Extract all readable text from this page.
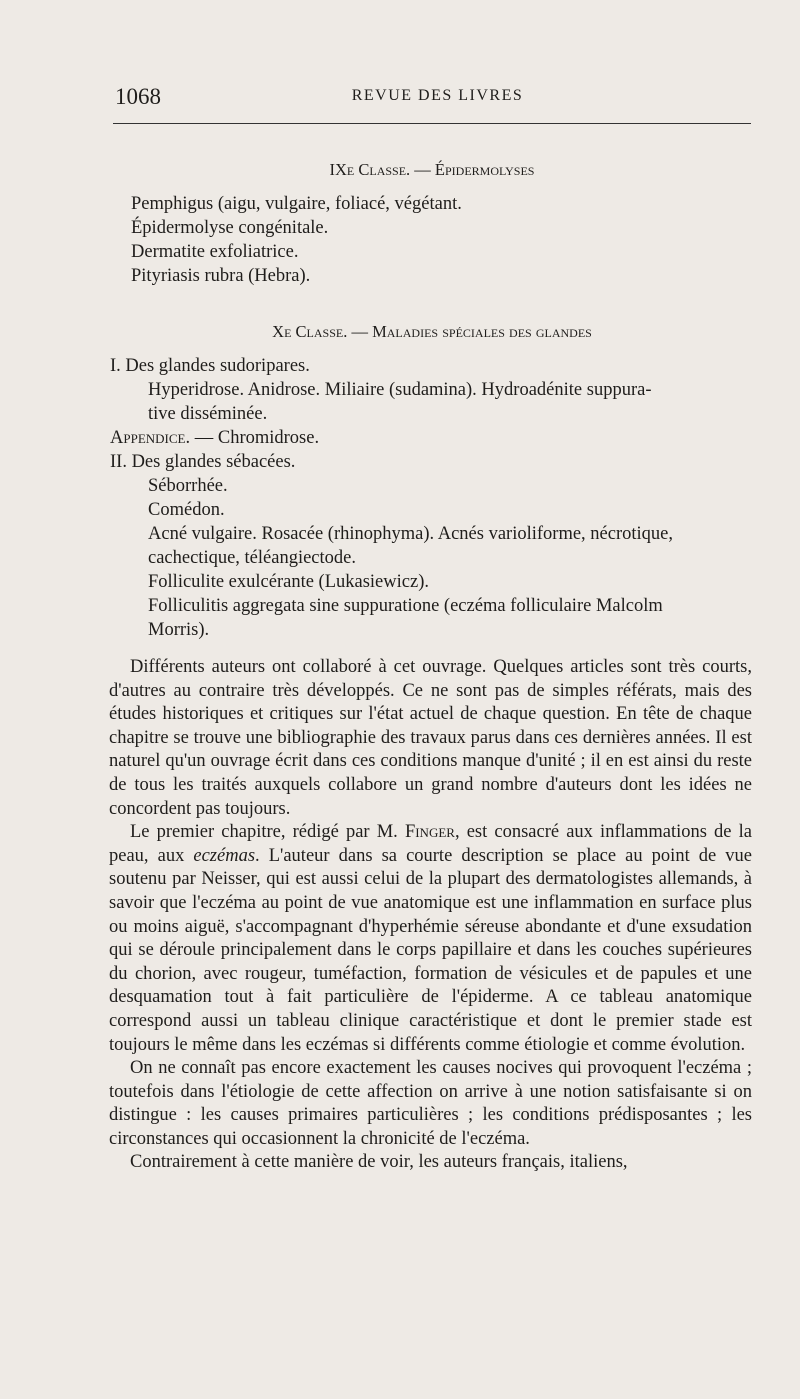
1068	REVUE DES LIVRES
IXe Classe. — Épidermolyses
Pemphigus (aigu, vulgaire, foliacé, végétant.
Épidermolyse congénitale.
Dermatite exfoliatrice.
Pityriasis rubra (Hebra).
Xe Classe. — Maladies spéciales des glandes
I. Des glandes sudoripares.
Hyperidrose. Anidrose. Miliaire (sudamina). Hydroadénite suppura-
tive disséminée.
Appendice. — Chromidrose.
II. Des glandes sébacées.
Séborrhée.
Comédon.
Acné vulgaire. Rosacée (rhinophyma). Acnés varioliforme, nécrotique,
cachectique, téléangiectode.
Folliculite exulcérante (Lukasiewicz).
Folliculitis aggregata sine suppuratione (eczéma folliculaire Malcolm
Morris).

Différents auteurs ont collaboré à cet ouvrage. Quelques articles sont très courts, d'autres au contraire très développés. Ce ne sont pas de simples référats, mais des études historiques et critiques sur l'état actuel de chaque question. En tête de chaque chapitre se trouve une bibliographie des travaux parus dans ces dernières années. Il est naturel qu'un ouvrage écrit dans ces conditions manque d'unité ; il en est ainsi du reste de tous les traités auxquels collabore un grand nombre d'auteurs dont les idées ne concordent pas toujours.

Le premier chapitre, rédigé par M. Finger, est consacré aux inflammations de la peau, aux eczémas. L'auteur dans sa courte description se place au point de vue soutenu par Neisser, qui est aussi celui de la plupart des dermatologistes allemands, à savoir que l'eczéma au point de vue anatomique est une inflammation en surface plus ou moins aiguë, s'accompagnant d'hyperhémie séreuse abondante et d'une exsudation qui se déroule principalement dans le corps papillaire et dans les couches supérieures du chorion, avec rougeur, tuméfaction, formation de vésicules et de papules et une desquamation tout à fait particulière de l'épiderme. A ce tableau anatomique correspond aussi un tableau clinique caractéristique et dont le premier stade est toujours le même dans les eczémas si différents comme étiologie et comme évolution.

On ne connaît pas encore exactement les causes nocives qui provoquent l'eczéma ; toutefois dans l'étiologie de cette affection on arrive à une notion satisfaisante si on distingue : les causes primaires particulières ; les conditions prédisposantes ; les circonstances qui occasionnent la chronicité de l'eczéma.

Contrairement à cette manière de voir, les auteurs français, italiens,
